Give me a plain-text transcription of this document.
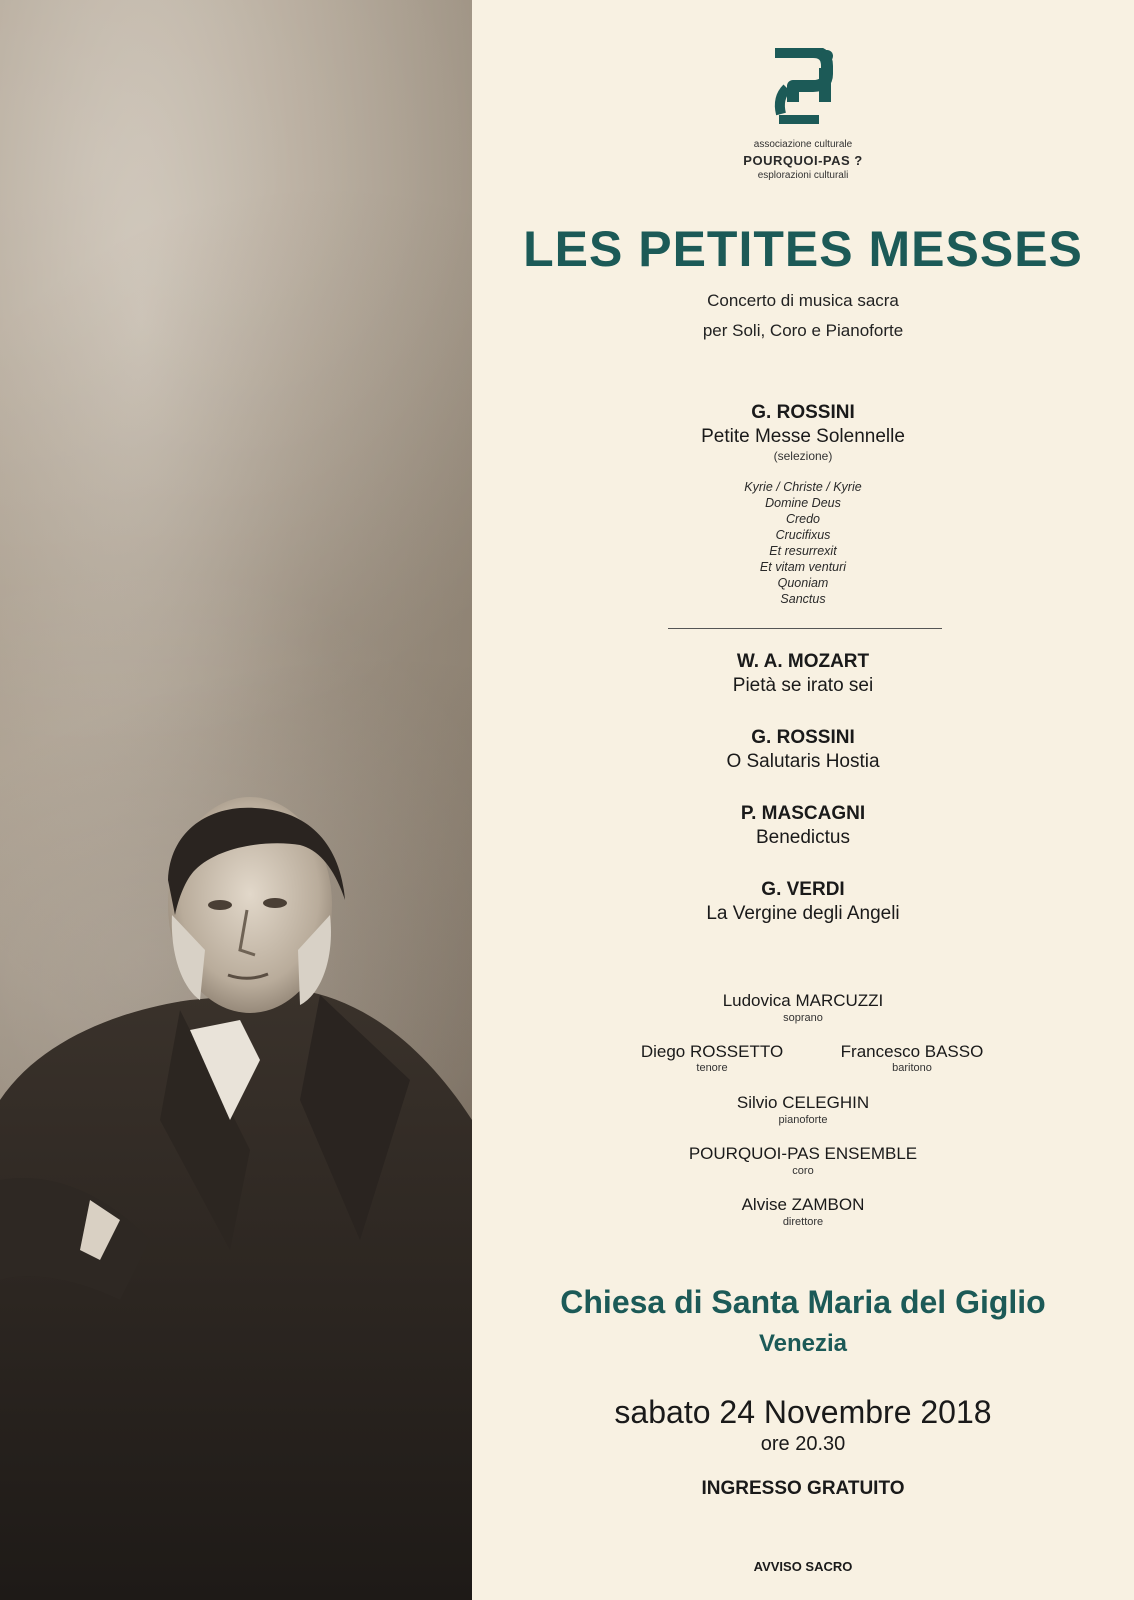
associazione culturale
POURQUOI-PAS ?
esplorazioni culturali
LES PETITES MESSES
Concerto di musica sacra
per Soli, Coro e Pianoforte
G. ROSSINI
Petite Messe Solennelle
(selezione)
Kyrie / Christe / Kyrie
Domine Deus
Credo
Crucifixus
Et resurrexit
Et vitam venturi
Quoniam
Sanctus
W. A. MOZART
Pietà se irato sei
G. ROSSINI
O Salutaris Hostia
P. MASCAGNI
Benedictus
G. VERDI
La Vergine degli Angeli
Ludovica MARCUZZI
soprano
Diego ROSSETTO
tenore
Francesco BASSO
baritono
Silvio CELEGHIN
pianoforte
POURQUOI-PAS ENSEMBLE
coro
Alvise ZAMBON
direttore
Chiesa di Santa Maria del Giglio
Venezia
sabato 24 Novembre 2018
ore 20.30
INGRESSO GRATUITO
AVVISO SACRO
